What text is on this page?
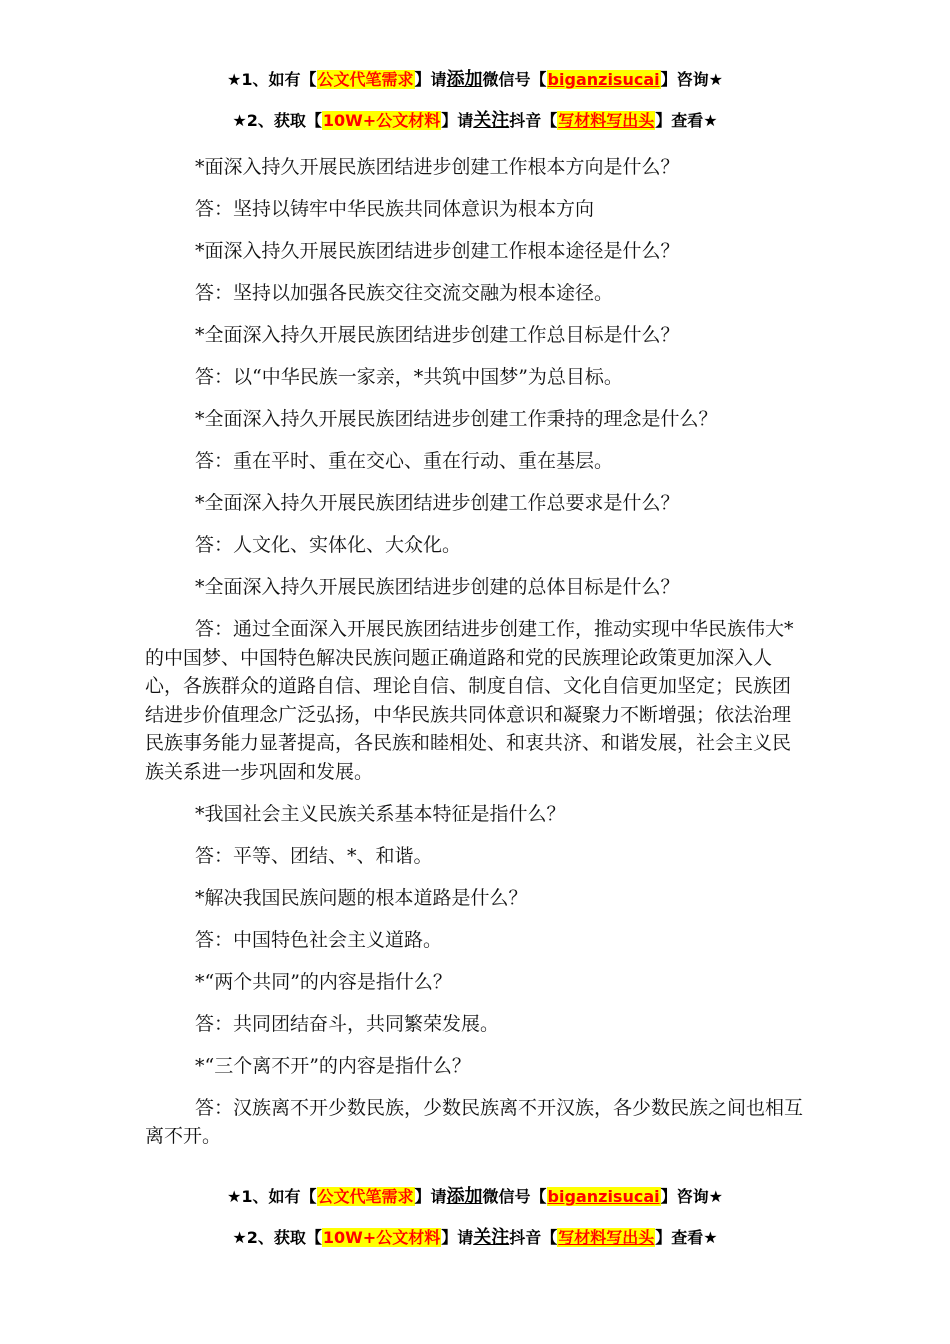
★1、如有【公文代笔需求】请添加微信号【biganzisucai】咨询★
★2、获取【10W+公文材料】请关注抖音【写材料写出头】查看★

*面深入持久开展民族团结进步创建工作根本方向是什么？

答：坚持以铸牢中华民族共同体意识为根本方向

*面深入持久开展民族团结进步创建工作根本途径是什么？

答：坚持以加强各民族交往交流交融为根本途径。

*全面深入持久开展民族团结进步创建工作总目标是什么？

答：以“中华民族一家亲，*共筑中国梦”为总目标。

*全面深入持久开展民族团结进步创建工作秉持的理念是什么？

答：重在平时、重在交心、重在行动、重在基层。

*全面深入持久开展民族团结进步创建工作总要求是什么？

答：人文化、实体化、大众化。

*全面深入持久开展民族团结进步创建的总体目标是什么？

答：通过全面深入开展民族团结进步创建工作，推动实现中华民族伟大*的中国梦、中国特色解决民族问题正确道路和党的民族理论政策更加深入人心，各族群众的道路自信、理论自信、制度自信、文化自信更加坚定；民族团结进步价值理念广泛弘扬，中华民族共同体意识和凝聚力不断增强；依法治理民族事务能力显著提高，各民族和睦相处、和衷共济、和谐发展，社会主义民族关系进一步巩固和发展。

*我国社会主义民族关系基本特征是指什么？

答：平等、团结、*、和谐。

*解决我国民族问题的根本道路是什么？

答：中国特色社会主义道路。

*“两个共同”的内容是指什么？

答：共同团结奋斗，共同繁荣发展。

*“三个离不开”的内容是指什么？

答：汉族离不开少数民族，少数民族离不开汉族，各少数民族之间也相互离不开。

★1、如有【公文代笔需求】请添加微信号【biganzisucai】咨询★
★2、获取【10W+公文材料】请关注抖音【写材料写出头】查看★
